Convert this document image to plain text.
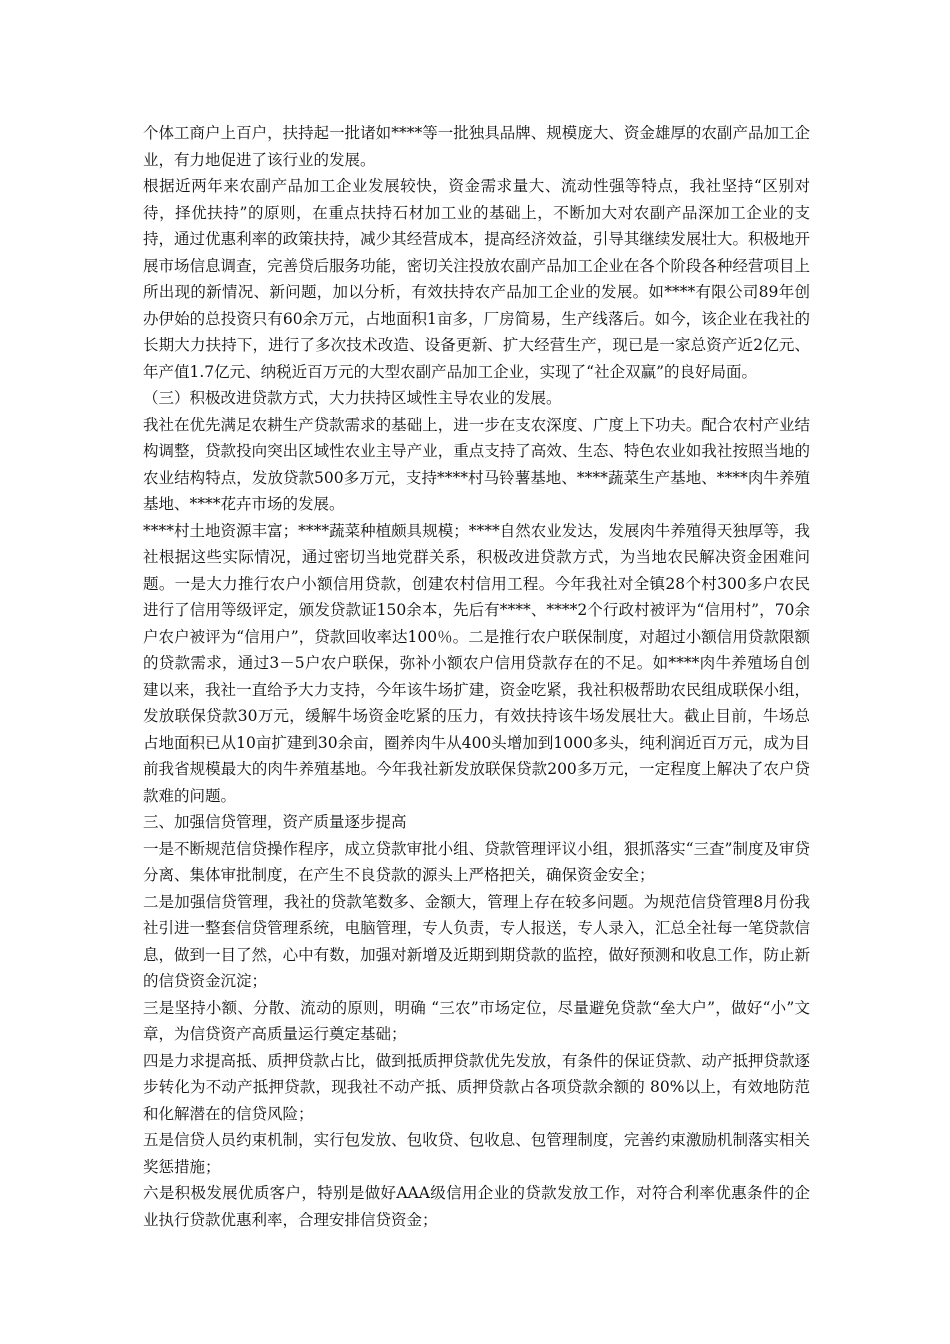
个体工商户上百户，扶持起一批诸如****等一批独具品牌、规模庞大、资金雄厚的农副产品加工企业，有力地促进了该行业的发展。

根据近两年来农副产品加工企业发展较快，资金需求量大、流动性强等特点，我社坚持“区别对待，择优扶持”的原则，在重点扶持石材加工业的基础上，不断加大对农副产品深加工企业的支持，通过优惠利率的政策扶持，减少其经营成本，提高经济效益，引导其继续发展壮大。积极地开展市场信息调查，完善贷后服务功能，密切关注投放农副产品加工企业在各个阶段各种经营项目上所出现的新情况、新问题，加以分析，有效扶持农产品加工企业的发展。如****有限公司89年创办伊始的总投资只有60余万元，占地面积1亩多，厂房简易，生产线落后。如今，该企业在我社的长期大力扶持下，进行了多次技术改造、设备更新、扩大经营生产，现已是一家总资产近2亿元、年产值1.7亿元、纳税近百万元的大型农副产品加工企业，实现了“社企双赢”的良好局面。

（三）积极改进贷款方式，大力扶持区域性主导农业的发展。

我社在优先满足农耕生产贷款需求的基础上，进一步在支农深度、广度上下功夫。配合农村产业结构调整，贷款投向突出区域性农业主导产业，重点支持了高效、生态、特色农业如我社按照当地的农业结构特点，发放贷款500多万元，支持****村马铃薯基地、****蔬菜生产基地、****肉牛养殖基地、****花卉市场的发展。

****村土地资源丰富；****蔬菜种植颇具规模；****自然农业发达，发展肉牛养殖得天独厚等，我社根据这些实际情况，通过密切当地党群关系，积极改进贷款方式，为当地农民解决资金困难问题。一是大力推行农户小额信用贷款，创建农村信用工程。今年我社对全镇28个村300多户农民进行了信用等级评定，颁发贷款证150余本，先后有****、****2个行政村被评为“信用村”，70余户农户被评为“信用户”，贷款回收率达100％。二是推行农户联保制度，对超过小额信用贷款限额的贷款需求，通过3－5户农户联保，弥补小额农户信用贷款存在的不足。如****肉牛养殖场自创建以来，我社一直给予大力支持，今年该牛场扩建，资金吃紧，我社积极帮助农民组成联保小组，发放联保贷款30万元，缓解牛场资金吃紧的压力，有效扶持该牛场发展壮大。截止目前，牛场总占地面积已从10亩扩建到30余亩，圈养肉牛从400头增加到1000多头，纯利润近百万元，成为目前我省规模最大的肉牛养殖基地。今年我社新发放联保贷款200多万元，一定程度上解决了农户贷款难的问题。

三、加强信贷管理，资产质量逐步提高

一是不断规范信贷操作程序，成立贷款审批小组、贷款管理评议小组，狠抓落实“三查”制度及审贷分离、集体审批制度，在产生不良贷款的源头上严格把关，确保资金安全；

二是加强信贷管理，我社的贷款笔数多、金额大，管理上存在较多问题。为规范信贷管理8月份我社引进一整套信贷管理系统，电脑管理，专人负责，专人报送，专人录入，汇总全社每一笔贷款信息，做到一目了然，心中有数，加强对新增及近期到期贷款的监控，做好预测和收息工作，防止新的信贷资金沉淀；

三是坚持小额、分散、流动的原则，明确 “三农”市场定位，尽量避免贷款“垒大户”，做好“小”文章，为信贷资产高质量运行奠定基础；

四是力求提高抵、质押贷款占比，做到抵质押贷款优先发放，有条件的保证贷款、动产抵押贷款逐步转化为不动产抵押贷款，现我社不动产抵、质押贷款占各项贷款余额的 80%以上，有效地防范和化解潜在的信贷风险；

五是信贷人员约束机制，实行包发放、包收贷、包收息、包管理制度，完善约束激励机制落实相关奖惩措施；

六是积极发展优质客户，特别是做好AAA级信用企业的贷款发放工作，对符合利率优惠条件的企业执行贷款优惠利率，合理安排信贷资金；
